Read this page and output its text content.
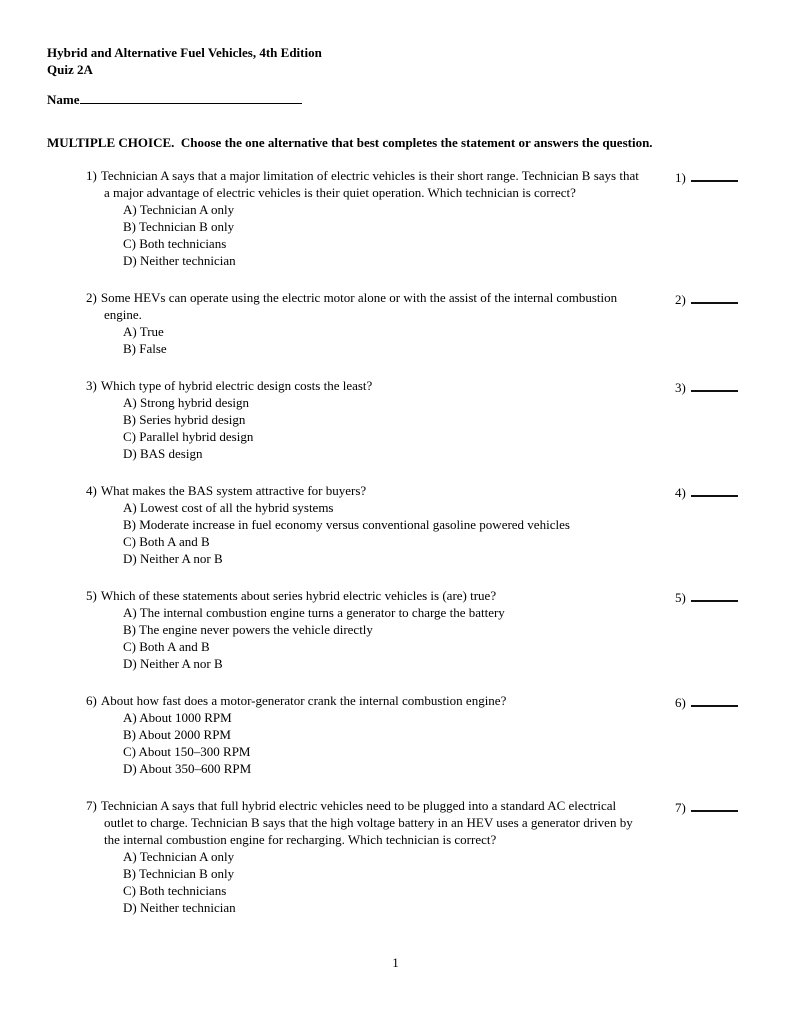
Hybrid and Alternative Fuel Vehicles, 4th Edition
Quiz 2A
Name
MULTIPLE CHOICE.  Choose the one alternative that best completes the statement or answers the question.
1) Technician A says that a major limitation of electric vehicles is their short range. Technician B says that a major advantage of electric vehicles is their quiet operation. Which technician is correct?
A) Technician A only
B) Technician B only
C) Both technicians
D) Neither technician
1)
2) Some HEVs can operate using the electric motor alone or with the assist of the internal combustion engine.
A) True
B) False
2)
3) Which type of hybrid electric design costs the least?
A) Strong hybrid design
B) Series hybrid design
C) Parallel hybrid design
D) BAS design
3)
4) What makes the BAS system attractive for buyers?
A) Lowest cost of all the hybrid systems
B) Moderate increase in fuel economy versus conventional gasoline powered vehicles
C) Both A and B
D) Neither A nor B
4)
5) Which of these statements about series hybrid electric vehicles is (are) true?
A) The internal combustion engine turns a generator to charge the battery
B) The engine never powers the vehicle directly
C) Both A and B
D) Neither A nor B
5)
6) About how fast does a motor-generator crank the internal combustion engine?
A) About 1000 RPM
B) About 2000 RPM
C) About 150–300 RPM
D) About 350–600 RPM
6)
7) Technician A says that full hybrid electric vehicles need to be plugged into a standard AC electrical outlet to charge. Technician B says that the high voltage battery in an HEV uses a generator driven by the internal combustion engine for recharging. Which technician is correct?
A) Technician A only
B) Technician B only
C) Both technicians
D) Neither technician
7)
1
